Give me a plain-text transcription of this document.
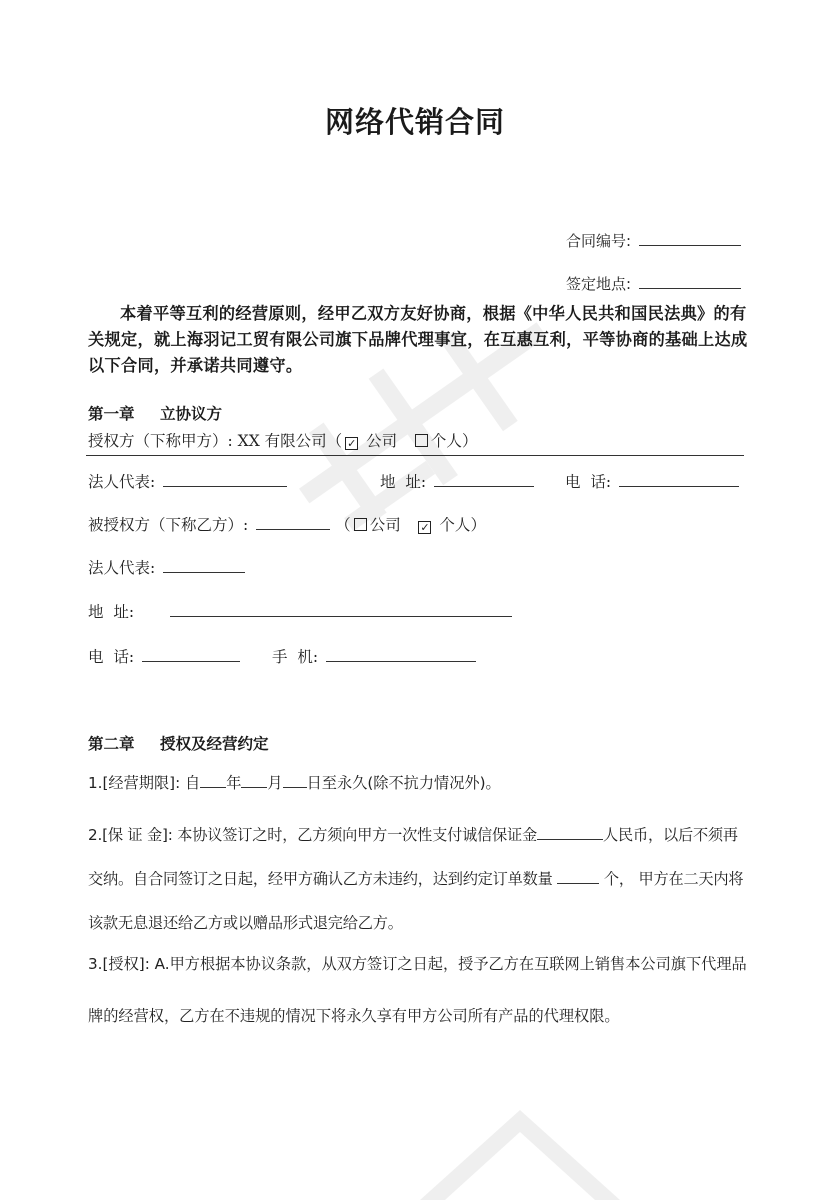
网络代销合同
合同编号:
签定地点:
本着平等互利的经营原则，经甲乙双方友好协商，根据《中华人民共和国民法典》的有关规定，就上海羽记工贸有限公司旗下品牌代理事宜，在互惠互利，平等协商的基础上达成以下合同，并承诺共同遵守。
第一章 立协议方
授权方（下称甲方）: XX 有限公司（ ✓ 公司 个人）
法人代表:	地  址:	电  话:
被授权方（下称乙方）:	（ 公司 ✓ 个人）
法人代表:
地  址:
电  话:	手  机:
第二章 授权及经营约定
1.[经营期限]: 自 年 月 日至永久(除不抗力情况外)。
2.[保 证 金]: 本协议签订之时，乙方须向甲方一次性支付诚信保证金	人民币，以后不须再交纳。自合同签订之日起，经甲方确认乙方未违约，达到约定订单数量	个， 甲方在二天内将该款无息退还给乙方或以赠品形式退完给乙方。
3.[授权]: A.甲方根据本协议条款，从双方签订之日起，授予乙方在互联网上销售本公司旗下代理品牌的经营权，乙方在不违规的情况下将永久享有甲方公司所有产品的代理权限。
